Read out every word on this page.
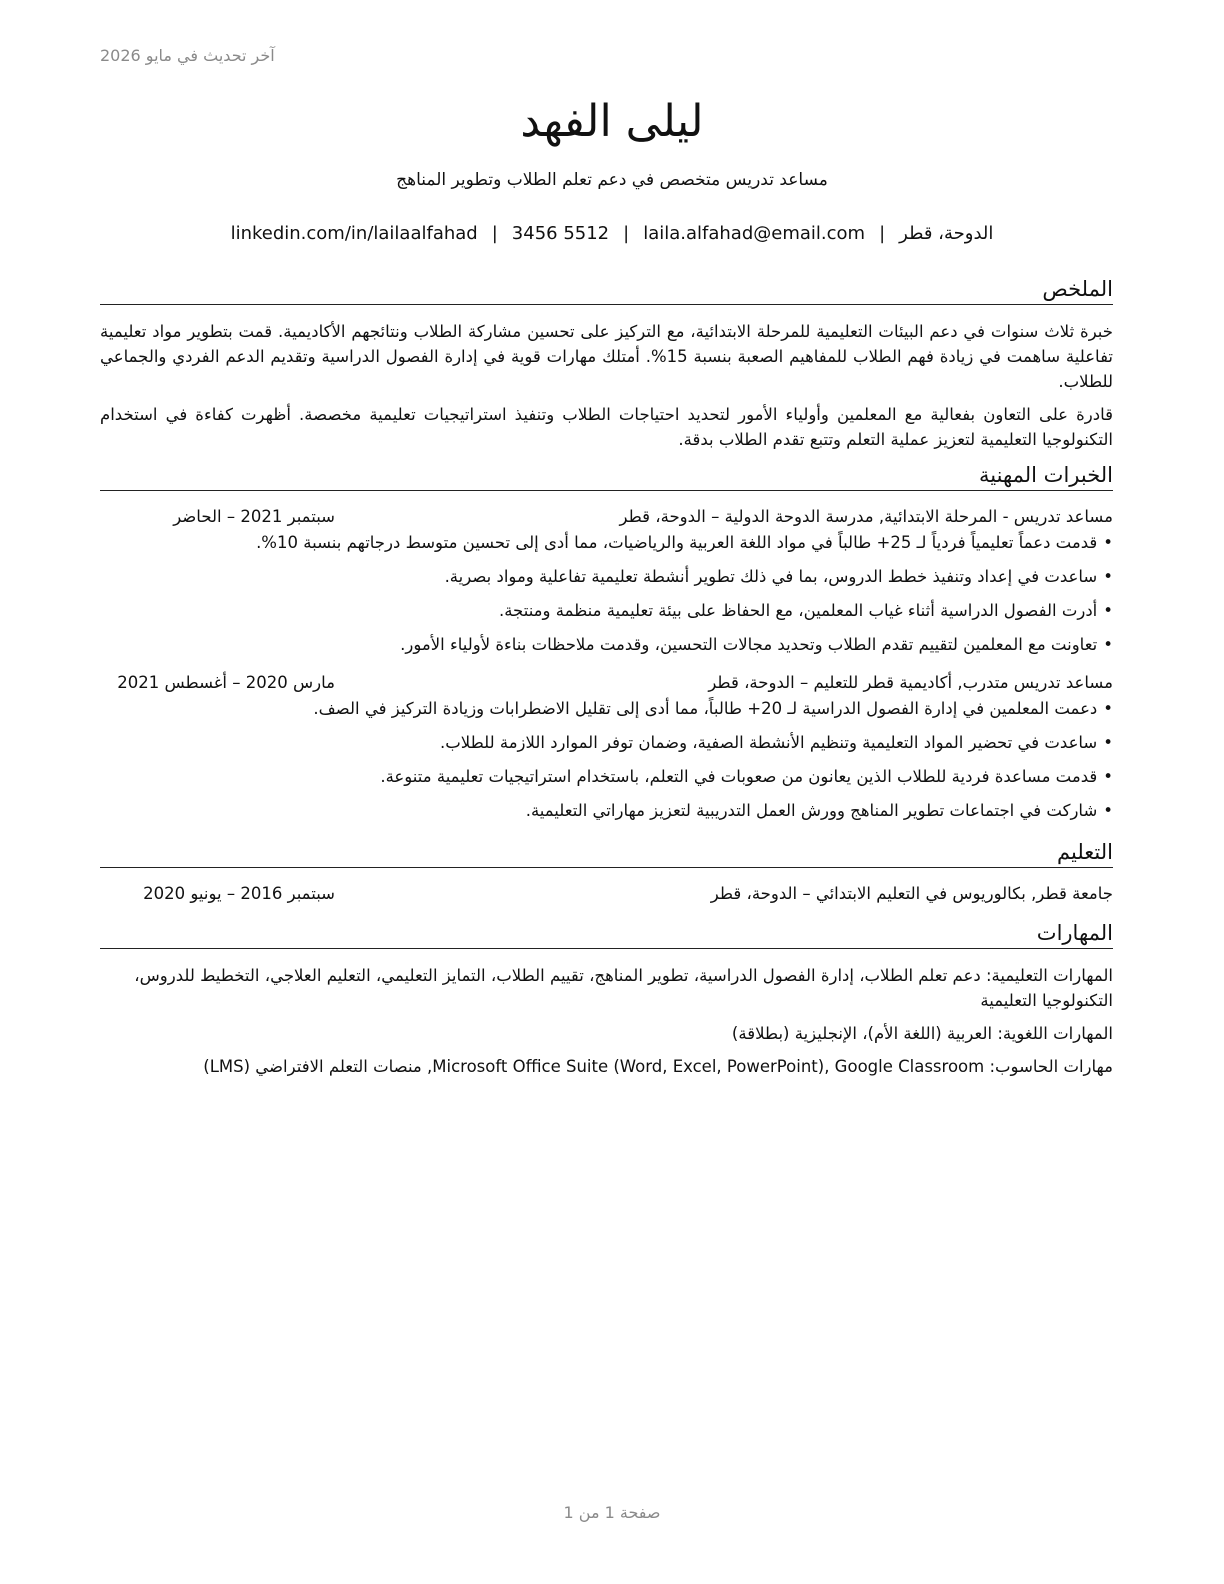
آخر تحديث في مايو 2026
ليلى الفهد
مساعد تدريس متخصص في دعم تعلم الطلاب وتطوير المناهج
الدوحة، قطر|laila.alfahad@email.com|3456 5512|linkedin.com/in/lailaalfahad
الملخص

خبرة ثلاث سنوات في دعم البيئات التعليمية للمرحلة الابتدائية، مع التركيز على تحسين مشاركة الطلاب ونتائجهم الأكاديمية. قمت بتطوير مواد تعليمية تفاعلية ساهمت في زيادة فهم الطلاب للمفاهيم الصعبة بنسبة 15%. أمتلك مهارات قوية في إدارة الفصول الدراسية وتقديم الدعم الفردي والجماعي للطلاب.

قادرة على التعاون بفعالية مع المعلمين وأولياء الأمور لتحديد احتياجات الطلاب وتنفيذ استراتيجيات تعليمية مخصصة. أظهرت كفاءة في استخدام التكنولوجيا التعليمية لتعزيز عملية التعلم وتتبع تقدم الطلاب بدقة.

الخبرات المهنية
مساعد تدريس - المرحلة الابتدائية, مدرسة الدوحة الدولية – الدوحة، قطر
سبتمبر 2021 – الحاضر
•قدمت دعماً تعليمياً فردياً لـ 25+ طالباً في مواد اللغة العربية والرياضيات، مما أدى إلى تحسين متوسط درجاتهم بنسبة 10%.
•ساعدت في إعداد وتنفيذ خطط الدروس، بما في ذلك تطوير أنشطة تعليمية تفاعلية ومواد بصرية.
•أدرت الفصول الدراسية أثناء غياب المعلمين، مع الحفاظ على بيئة تعليمية منظمة ومنتجة.
•تعاونت مع المعلمين لتقييم تقدم الطلاب وتحديد مجالات التحسين، وقدمت ملاحظات بناءة لأولياء الأمور.
مساعد تدريس متدرب, أكاديمية قطر للتعليم – الدوحة، قطر
مارس 2020 – أغسطس 2021
•دعمت المعلمين في إدارة الفصول الدراسية لـ 20+ طالباً، مما أدى إلى تقليل الاضطرابات وزيادة التركيز في الصف.
•ساعدت في تحضير المواد التعليمية وتنظيم الأنشطة الصفية، وضمان توفر الموارد اللازمة للطلاب.
•قدمت مساعدة فردية للطلاب الذين يعانون من صعوبات في التعلم، باستخدام استراتيجيات تعليمية متنوعة.
•شاركت في اجتماعات تطوير المناهج وورش العمل التدريبية لتعزيز مهاراتي التعليمية.
التعليم
جامعة قطر, بكالوريوس في التعليم الابتدائي – الدوحة، قطر
سبتمبر 2016 – يونيو 2020
المهارات

المهارات التعليمية: دعم تعلم الطلاب، إدارة الفصول الدراسية، تطوير المناهج، تقييم الطلاب، التمايز التعليمي، التعليم العلاجي، التخطيط للدروس، التكنولوجيا التعليمية

المهارات اللغوية: العربية (اللغة الأم)، الإنجليزية (بطلاقة)

مهارات الحاسوب: Microsoft Office Suite (Word, Excel, PowerPoint), Google Classroom, منصات التعلم الافتراضي (LMS)

صفحة 1 من 1
